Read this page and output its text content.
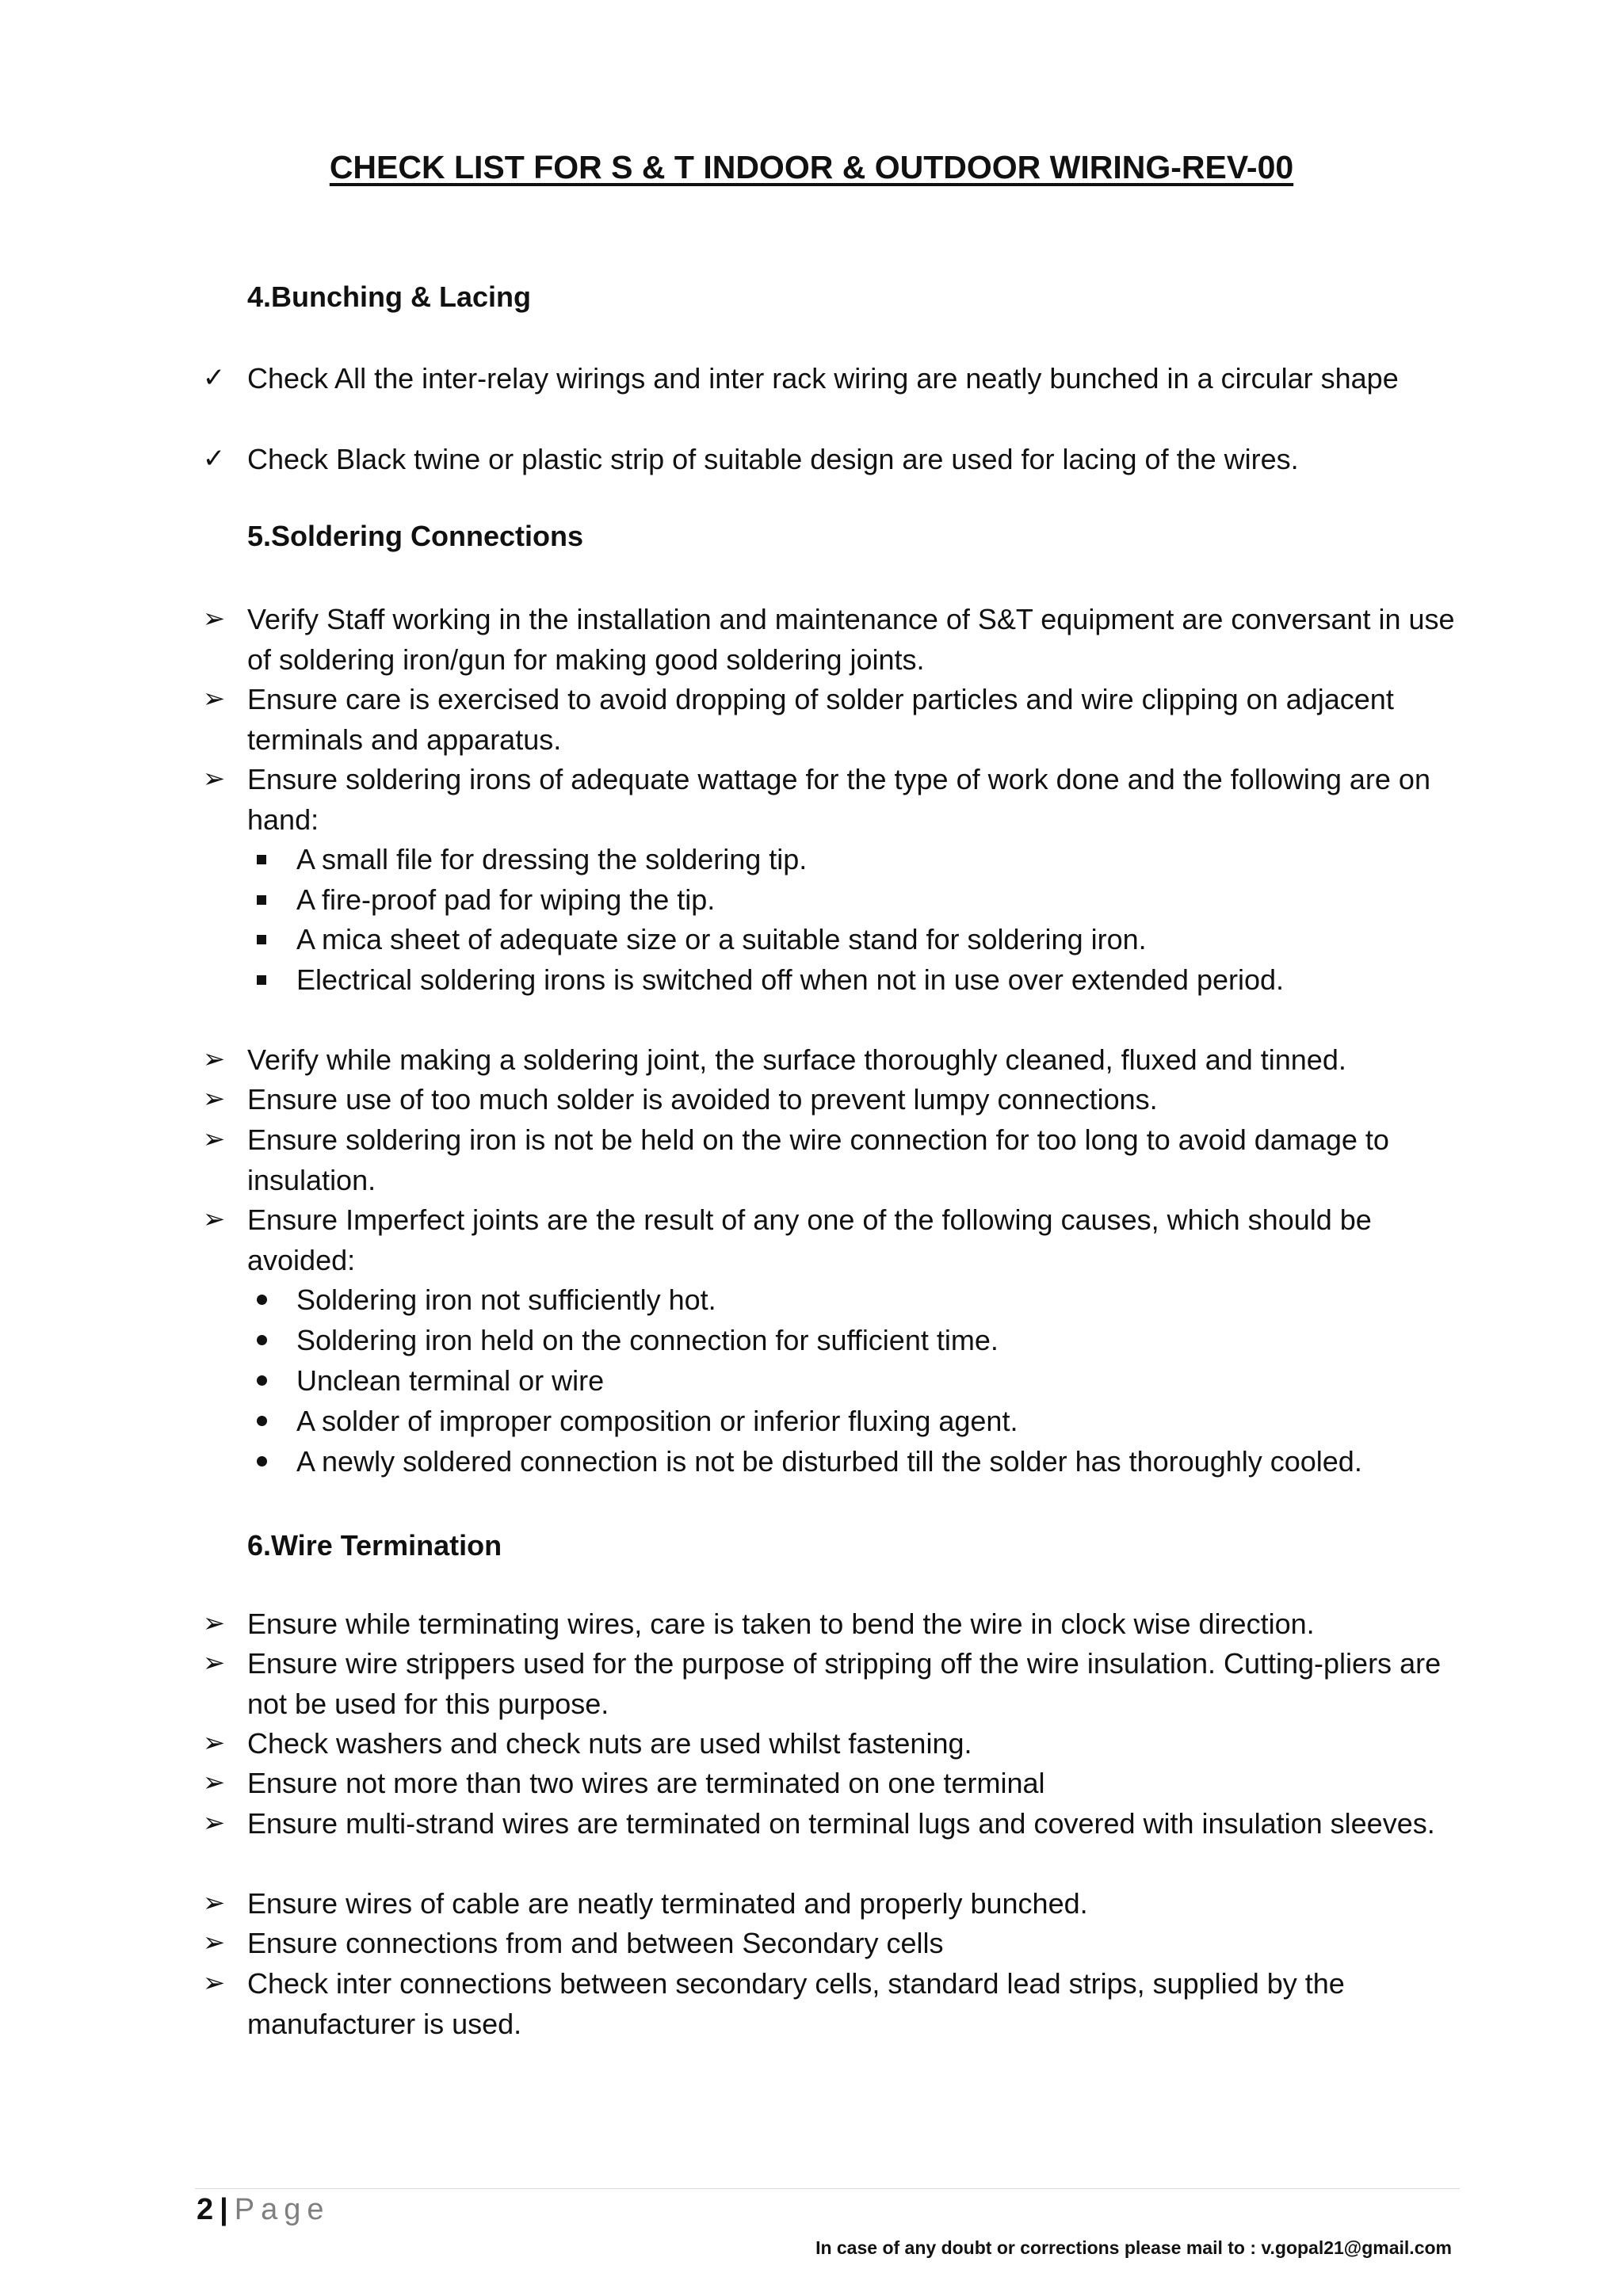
CHECK LIST FOR S & T INDOOR & OUTDOOR WIRING-REV-00
4.Bunching & Lacing
✓ Check All the inter-relay wirings and inter rack wiring are neatly bunched in a circular shape
✓ Check Black twine or plastic strip of suitable design are used for lacing of the wires.
5.Soldering Connections
➢ Verify Staff working in the installation and maintenance of S&T equipment are conversant in use of soldering iron/gun for making good soldering joints.
➢ Ensure care is exercised to avoid dropping of solder particles and wire clipping on adjacent terminals and apparatus.
➢ Ensure soldering irons of adequate wattage for the type of work done and the following are on hand:
A small file for dressing the soldering tip.
A fire-proof pad for wiping the tip.
A mica sheet of adequate size or a suitable stand for soldering iron.
Electrical soldering irons is switched off when not in use over extended period.
➢ Verify while making a soldering joint, the surface thoroughly cleaned, fluxed and tinned.
➢ Ensure use of too much solder is avoided to prevent lumpy connections.
➢ Ensure soldering iron is not be held on the wire connection for too long to avoid damage to insulation.
➢ Ensure Imperfect joints are the result of any one of the following causes, which should be avoided:
Soldering iron not sufficiently hot.
Soldering iron held on the connection for sufficient time.
Unclean terminal or wire
A solder of improper composition or inferior fluxing agent.
A newly soldered connection is not be disturbed till the solder has thoroughly cooled.
6.Wire Termination
➢ Ensure while terminating wires, care is taken to bend the wire in clock wise direction.
➢ Ensure wire strippers used for the purpose of stripping off the wire insulation. Cutting-pliers are not be used for this purpose.
➢ Check washers and check nuts are used whilst fastening.
➢ Ensure not more than two wires are terminated on one terminal
➢ Ensure multi-strand wires are terminated on terminal lugs and covered with insulation sleeves.
➢ Ensure wires of cable are neatly terminated and properly bunched.
➢ Ensure connections from and between Secondary cells
➢ Check inter connections between secondary cells, standard lead strips, supplied by the manufacturer is used.
2 | Page
In case of any doubt or corrections please mail to : v.gopal21@gmail.com
